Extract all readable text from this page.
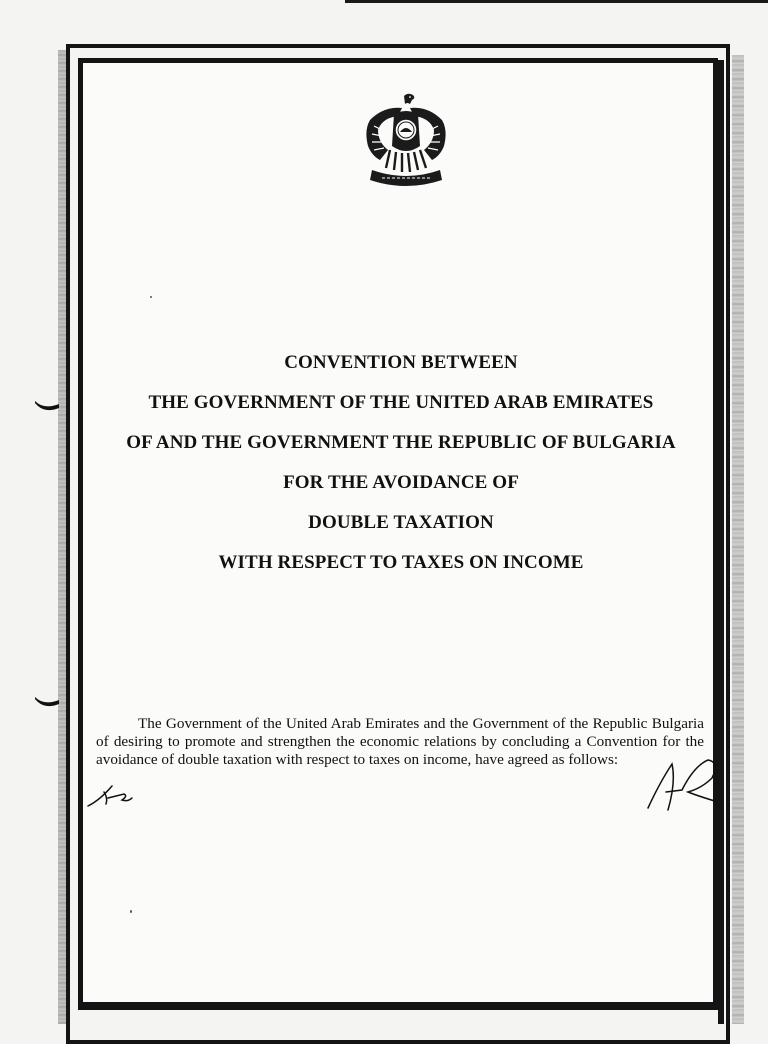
CONVENTION BETWEEN
THE GOVERNMENT OF THE UNITED ARAB EMIRATES
OF AND THE GOVERNMENT THE REPUBLIC OF BULGARIA
FOR THE AVOIDANCE OF
DOUBLE TAXATION
WITH RESPECT TO TAXES ON INCOME

The Government of the United Arab Emirates and the Government of the Republic Bulgaria of desiring to promote and strengthen the economic relations by concluding a Convention for the avoidance of double taxation with respect to taxes on income, have agreed as follows:
